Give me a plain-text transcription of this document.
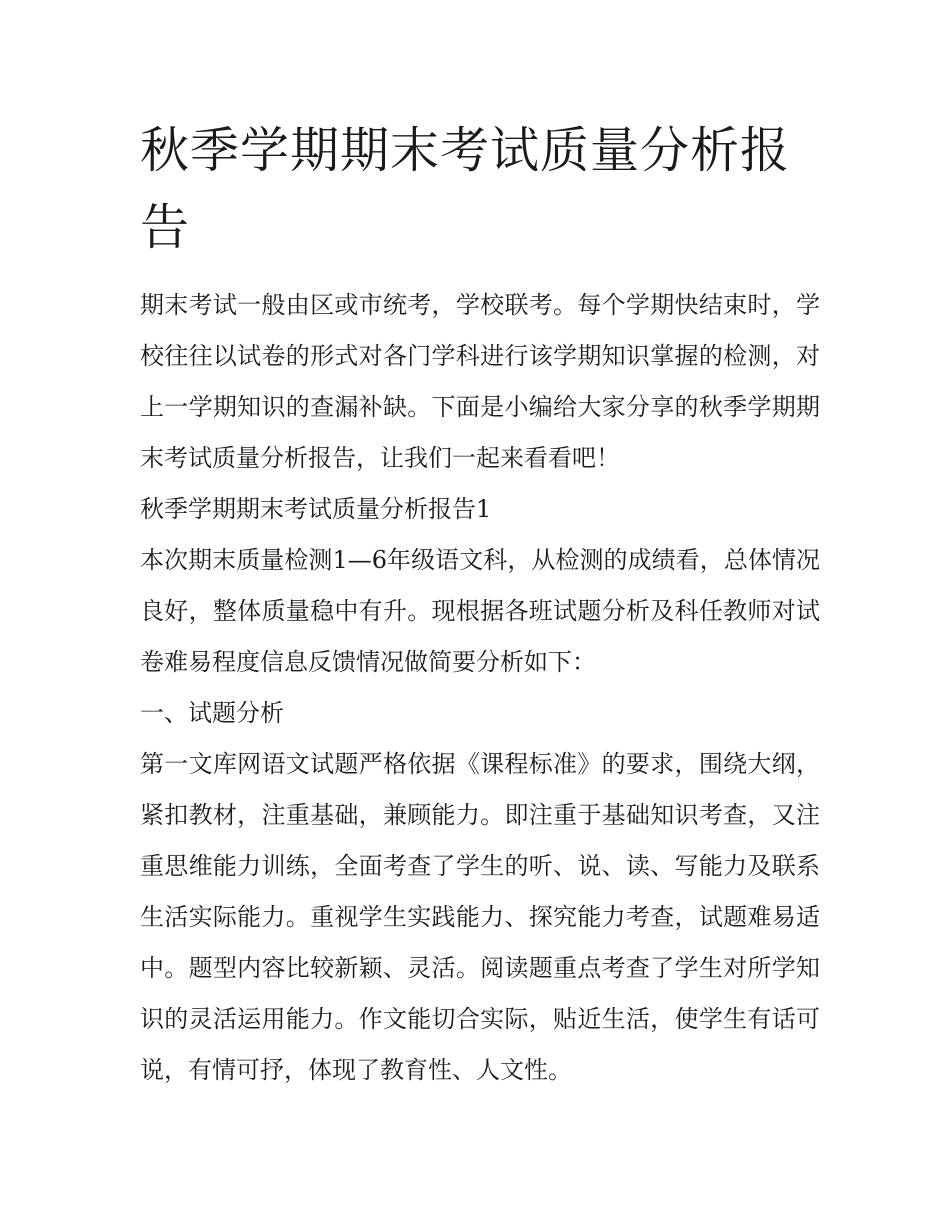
秋季学期期末考试质量分析报告

期末考试一般由区或市统考，学校联考。每个学期快结束时，学校往往以试卷的形式对各门学科进行该学期知识掌握的检测，对上一学期知识的查漏补缺。下面是小编给大家分享的秋季学期期末考试质量分析报告，让我们一起来看看吧！

秋季学期期末考试质量分析报告1

本次期末质量检测1—6年级语文科，从检测的成绩看，总体情况良好，整体质量稳中有升。现根据各班试题分析及科任教师对试卷难易程度信息反馈情况做简要分析如下：

一、试题分析

第一文库网语文试题严格依据《课程标准》的要求，围绕大纲，紧扣教材，注重基础，兼顾能力。即注重于基础知识考查，又注重思维能力训练，全面考查了学生的听、说、读、写能力及联系生活实际能力。重视学生实践能力、探究能力考查，试题难易适中。题型内容比较新颖、灵活。阅读题重点考查了学生对所学知识的灵活运用能力。作文能切合实际，贴近生活，使学生有话可说，有情可抒，体现了教育性、人文性。
